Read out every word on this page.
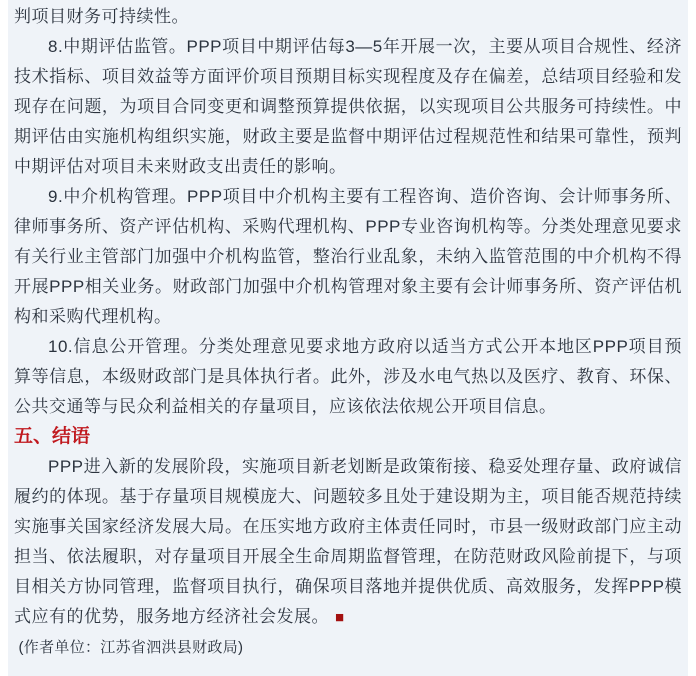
判项目财务可持续性。

8.中期评估监管。PPP项目中期评估每3—5年开展一次，主要从项目合规性、经济技术指标、项目效益等方面评价项目预期目标实现程度及存在偏差，总结项目经验和发现存在问题，为项目合同变更和调整预算提供依据，以实现项目公共服务可持续性。中期评估由实施机构组织实施，财政主要是监督中期评估过程规范性和结果可靠性，预判中期评估对项目未来财政支出责任的影响。

9.中介机构管理。PPP项目中介机构主要有工程咨询、造价咨询、会计师事务所、律师事务所、资产评估机构、采购代理机构、PPP专业咨询机构等。分类处理意见要求有关行业主管部门加强中介机构监管，整治行业乱象，未纳入监管范围的中介机构不得开展PPP相关业务。财政部门加强中介机构管理对象主要有会计师事务所、资产评估机构和采购代理机构。

10.信息公开管理。分类处理意见要求地方政府以适当方式公开本地区PPP项目预算等信息，本级财政部门是具体执行者。此外，涉及水电气热以及医疗、教育、环保、公共交通等与民众利益相关的存量项目，应该依法依规公开项目信息。

五、结语

PPP进入新的发展阶段，实施项目新老划断是政策衔接、稳妥处理存量、政府诚信履约的体现。基于存量项目规模庞大、问题较多且处于建设期为主，项目能否规范持续实施事关国家经济发展大局。在压实地方政府主体责任同时，市县一级财政部门应主动担当、依法履职，对存量项目开展全生命周期监督管理，在防范财政风险前提下，与项目相关方协同管理，监督项目执行，确保项目落地并提供优质、高效服务，发挥PPP模式应有的优势，服务地方经济社会发展。 ■

(作者单位：江苏省泗洪县财政局)
